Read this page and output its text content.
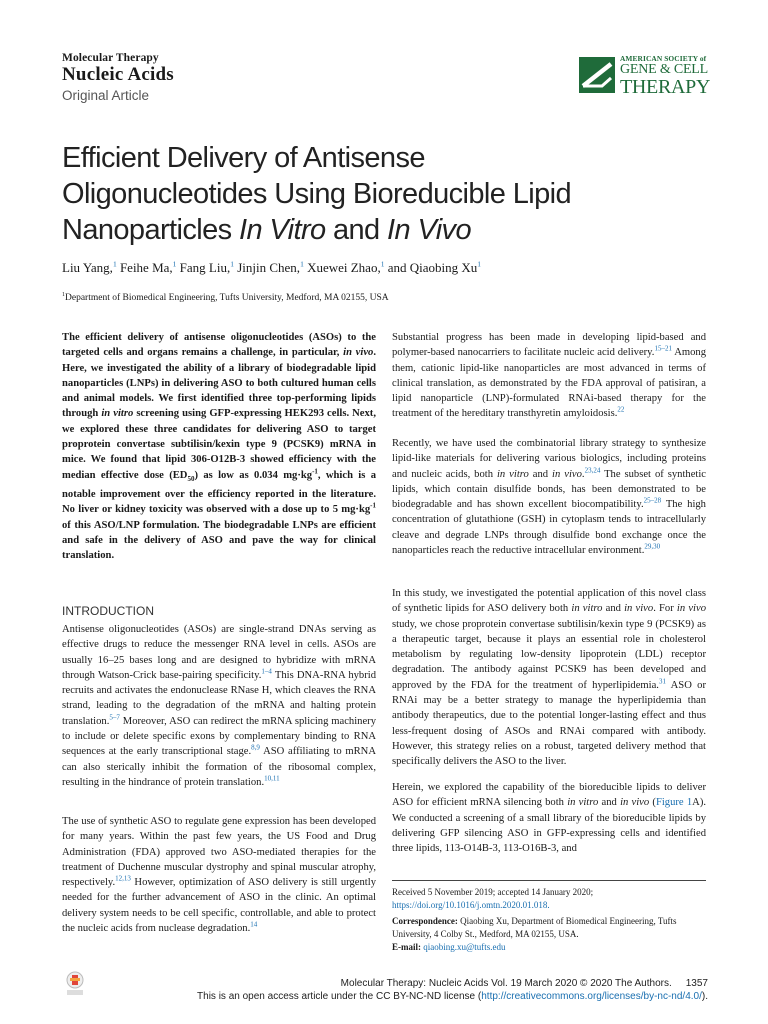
Molecular Therapy
Nucleic Acids
Original Article
AMERICAN SOCIETY of
GENE & CELL
THERAPY
Efficient Delivery of Antisense
Oligonucleotides Using Bioreducible Lipid
Nanoparticles In Vitro and In Vivo
Liu Yang,$^1$ Feihe Ma,$^1$ Fang Liu,$^1$ Jinjin Chen,$^1$ Xuewei Zhao,$^1$ and Qiaobing Xu$^1$
$^1$Department of Biomedical Engineering, Tufts University, Medford, MA 02155, USA

The efficient delivery of antisense oligonucleotides (ASOs) to the targeted cells and organs remains a challenge, in particular, in vivo. Here, we investigated the ability of a library of biodegradable lipid nanoparticles (LNPs) in delivering ASO to both cultured human cells and animal models. We first identified three top-performing lipids through in vitro screening using GFP-expressing HEK293 cells. Next, we explored these three candidates for delivering ASO to target proprotein convertase subtilisin/kexin type 9 (PCSK9) mRNA in mice. We found that lipid 306-O12B-3 showed efficiency with the median effective dose $(ED_{50})$ as low as 0.034 $mg\cdot kg^{-1}$, which is a notable improvement over the efficiency reported in the literature. No liver or kidney toxicity was observed with a dose up to 5 $mg\cdot kg^{-1}$ of this ASO/LNP formulation. The biodegradable LNPs are efficient and safe in the delivery of ASO and pave the way for clinical translation.

INTRODUCTION

Antisense oligonucleotides (ASOs) are single-strand DNAs serving as effective drugs to reduce the messenger RNA level in cells. ASOs are usually 16–25 bases long and are designed to hybridize with mRNA through Watson-Crick base-pairing specificity.$^{1-4}$ This DNA-RNA hybrid recruits and activates the endonuclease RNase H, which cleaves the RNA strand, leading to the degradation of the mRNA and halting protein translation.$^{5-7}$ Moreover, ASO can redirect the mRNA splicing machinery to include or delete specific exons by complementary binding to RNA sequences at the early transcriptional stage.$^{8,9}$ ASO affiliating to mRNA can also sterically inhibit the formation of the ribosomal complex, resulting in the hindrance of protein translation.$^{10,11}$

The use of synthetic ASO to regulate gene expression has been developed for many years. Within the past few years, the US Food and Drug Administration (FDA) approved two ASO-mediated therapies for the treatment of Duchenne muscular dystrophy and spinal muscular atrophy, respectively.$^{12,13}$ However, optimization of ASO delivery is still urgently needed for the further advancement of ASO in the clinic. An optimal delivery system needs to be cell specific, controllable, and able to protect the nucleic acids from nuclease degradation.$^{14}$

Substantial progress has been made in developing lipid-based and polymer-based nanocarriers to facilitate nucleic acid delivery.$^{15-21}$ Among them, cationic lipid-like nanoparticles are most advanced in terms of clinical translation, as demonstrated by the FDA approval of patisiran, a lipid nanoparticle (LNP)-formulated RNAi-based therapy for the treatment of the hereditary transthyretin amyloidosis.$^{22}$

Recently, we have used the combinatorial library strategy to synthesize lipid-like materials for delivering various biologics, including proteins and nucleic acids, both in vitro and in vivo.$^{23,24}$ The subset of synthetic lipids, which contain disulfide bonds, has been demonstrated to be biodegradable and has shown excellent biocompatibility.$^{25-28}$ The high concentration of glutathione (GSH) in cytoplasm tends to intracellularly cleave and degrade LNPs through disulfide bond exchange once the nanoparticles reach the reductive intracellular environment.$^{29,30}$

In this study, we investigated the potential application of this novel class of synthetic lipids for ASO delivery both in vitro and in vivo. For in vivo study, we chose proprotein convertase subtilisin/kexin type 9 (PCSK9) as a therapeutic target, because it plays an essential role in cholesterol metabolism by regulating low-density lipoprotein (LDL) receptor degradation. The antibody against PCSK9 has been developed and approved by the FDA for the treatment of hyperlipidemia.$^{31}$ ASO or RNAi may be a better strategy to manage the hyperlipidemia than antibody therapeutics, due to the potential longer-lasting effect and thus less-frequent dosing of ASOs and RNAi compared with antibody. However, this strategy relies on a robust, targeted delivery method that specifically delivers the ASO to the liver.

Herein, we explored the capability of the bioreducible lipids to deliver ASO for efficient mRNA silencing both in vitro and in vivo (Figure 1A). We conducted a screening of a small library of the bioreducible lipids by delivering GFP silencing ASO in GFP-expressing cells and identified three lipids, 113-O14B-3, 113-O16B-3, and

Received 5 November 2019; accepted 14 January 2020;
https://doi.org/10.1016/j.omtn.2020.01.018.
Correspondence: Qiaobing Xu, Department of Biomedical Engineering, Tufts University, 4 Colby St., Medford, MA 02155, USA.
E-mail: qiaobing.xu@tufts.edu
Molecular Therapy: Nucleic Acids Vol. 19 March 2020 © 2020 The Authors. 1357
This is an open access article under the CC BY-NC-ND license (http://creativecommons.org/licenses/by-nc-nd/4.0/).
